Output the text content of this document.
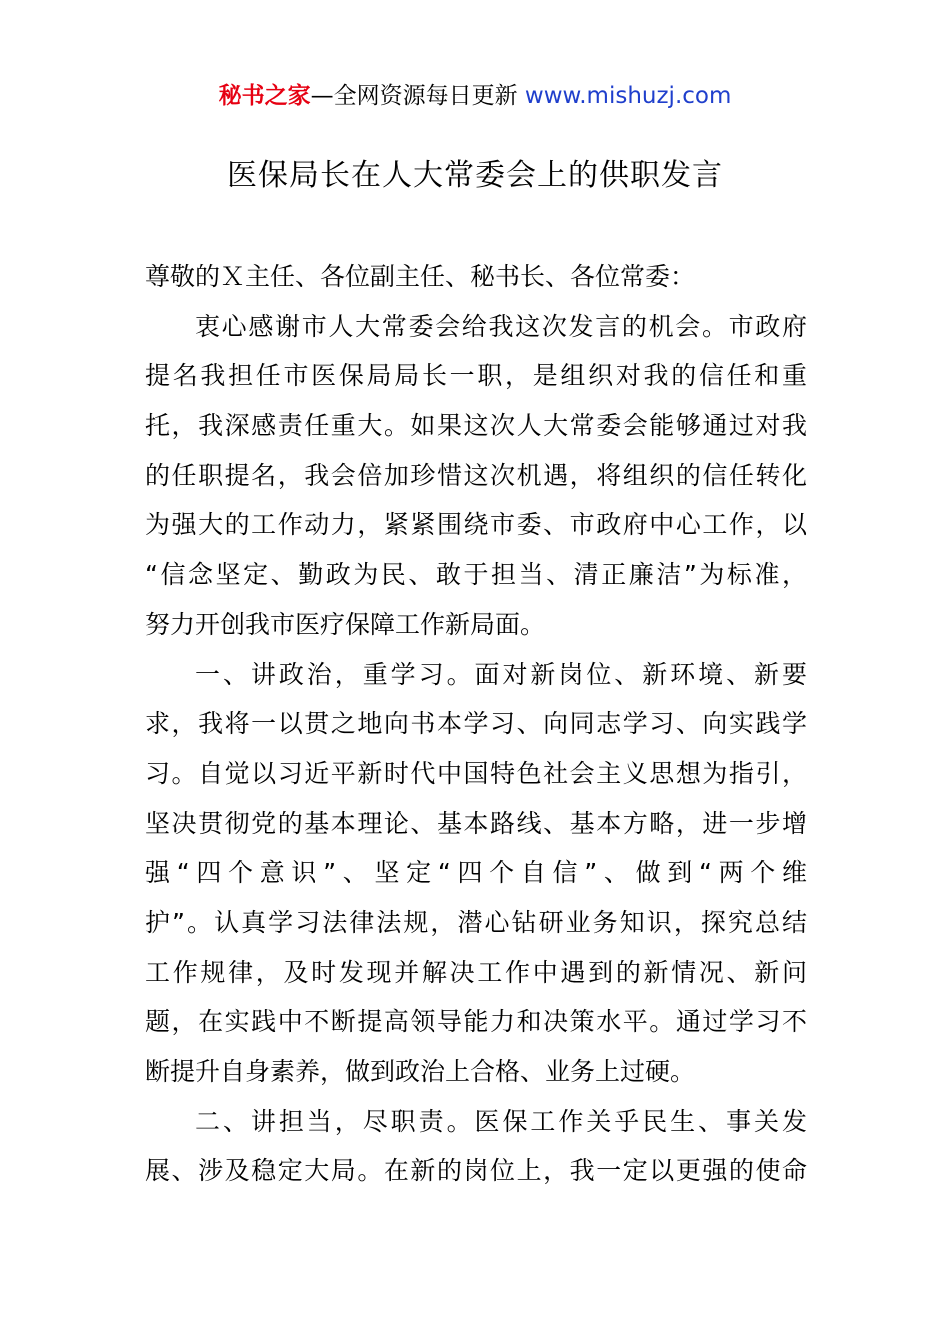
秘书之家—全网资源每日更新 www.mishuzj.com
医保局长在人大常委会上的供职发言
尊敬的Ｘ主任、各位副主任、秘书长、各位常委：
衷心感谢市人大常委会给我这次发言的机会。市政府
提名我担任市医保局局长一职，是组织对我的信任和重
托，我深感责任重大。如果这次人大常委会能够通过对我
的任职提名，我会倍加珍惜这次机遇，将组织的信任转化
为强大的工作动力，紧紧围绕市委、市政府中心工作，以
“信念坚定、勤政为民、敢于担当、清正廉洁”为标准，
努力开创我市医疗保障工作新局面。
一、讲政治，重学习。面对新岗位、新环境、新要
求，我将一以贯之地向书本学习、向同志学习、向实践学
习。自觉以习近平新时代中国特色社会主义思想为指引，
坚决贯彻党的基本理论、基本路线、基本方略，进一步增
强“四个意识”、坚定“四个自信”、做到“两个维
护”。认真学习法律法规，潜心钻研业务知识，探究总结
工作规律，及时发现并解决工作中遇到的新情况、新问
题，在实践中不断提高领导能力和决策水平。通过学习不
断提升自身素养，做到政治上合格、业务上过硬。
二、讲担当，尽职责。医保工作关乎民生、事关发
展、涉及稳定大局。在新的岗位上，我一定以更强的使命
